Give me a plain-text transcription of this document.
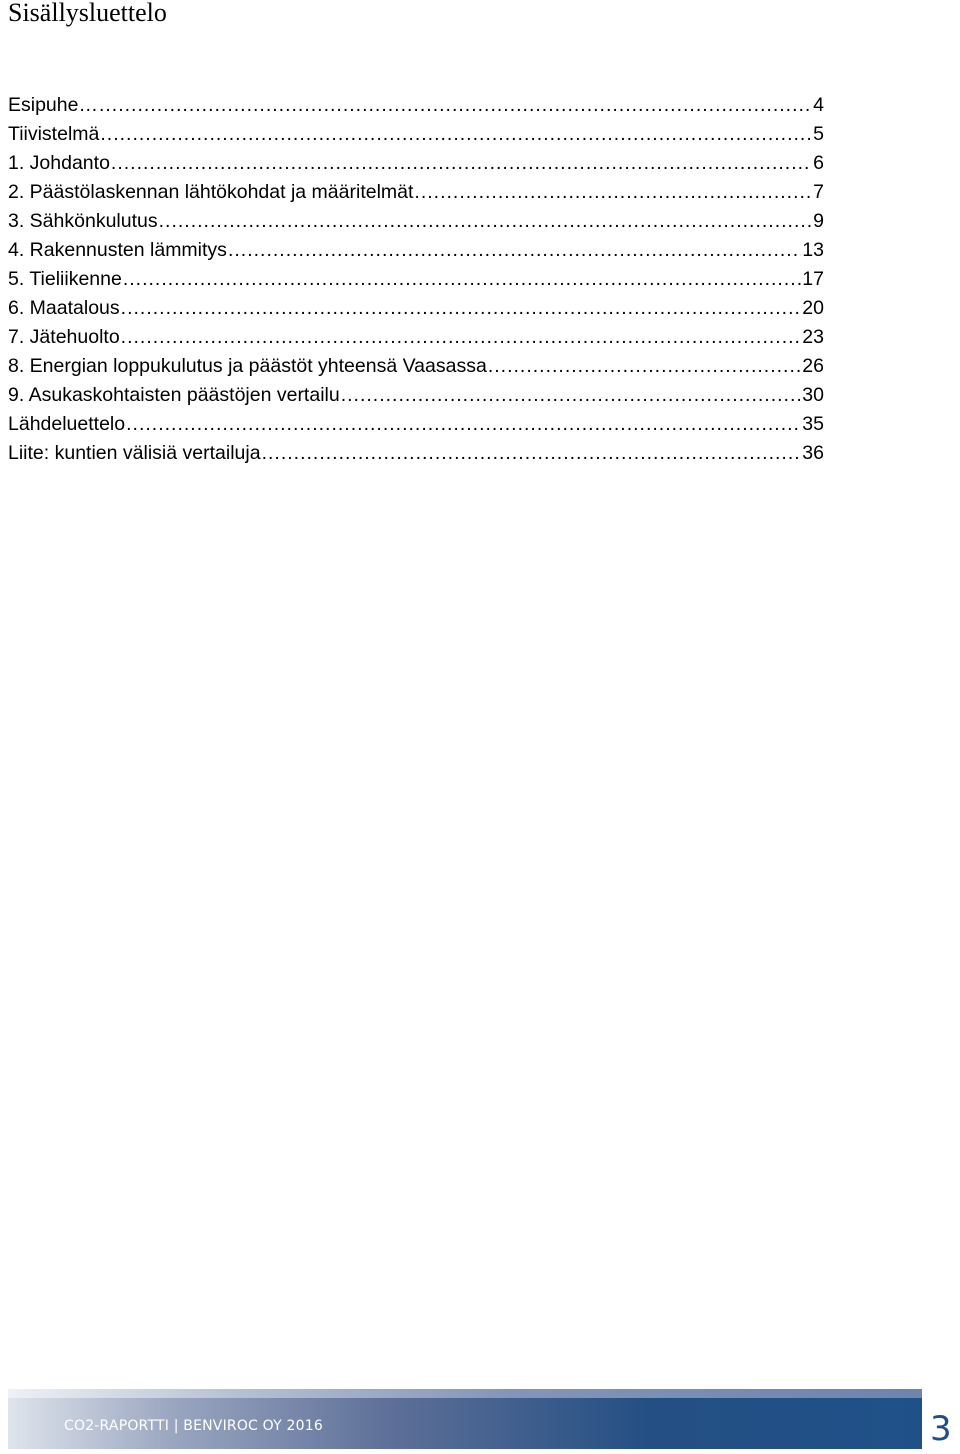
Sisällysluettelo
Esipuhe… .....	4
Tiivistelmä .....	5
1. Johdanto .....	6
2. Päästölaskennan lähtökohdat ja määritelmät .....	7
3. Sähkönkulutus .....	9
4. Rakennusten lämmitys .....	13
5. Tieliikenne .....	17
6. Maatalous .....	20
7. Jätehuolto .....	23
8. Energian loppukulutus ja päästöt yhteensä Vaasassa .....	26
9. Asukaskohtaisten päästöjen vertailu .....	30
Lähdeluettelo .....	35
Liite: kuntien välisiä vertailuja .....	36
CO2-RAPORTTI | BENVIROC OY 2016	3
